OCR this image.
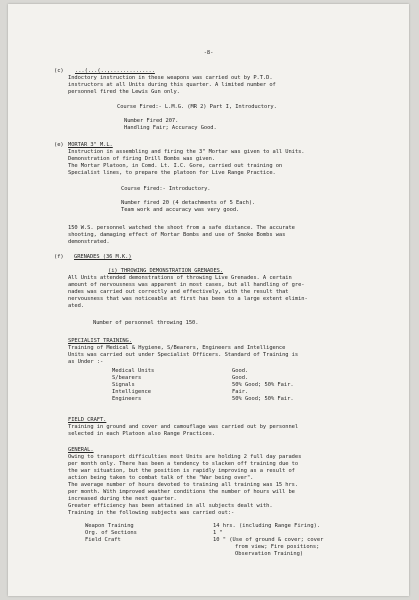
-8-
(c) ...(...(..,..............
Indoctory instruction in these weapons was carried out by P.T.D.
instructors at all Units during this quarter. A limited number of
personnel fired the Lewis Gun only.
Course Fired:- L.M.G. (MR 2) Part I, Introductory.
Number Fired 207.
Handling Fair; Accuracy Good.
(e) MORTAR 3" M.L.
Instruction in assembling and firing the 3" Mortar was given to all Units.
Demonstration of firing Drill Bombs was given.
The Mortar Platoon, in Comd. Lt. I.C. Gore, carried out training on
Specialist lines, to prepare the platoon for Live Range Practice.
Course Fired:- Introductory.
Number fired 20 (4 detachments of 5 Each).
Team work and accuracy was very good.
150 W.S. personnel watched the shoot from a safe distance. The accurate
shooting, damaging effect of Mortar Bombs and use of Smoke Bombs was
demonstrated.
(f) GRENADES (36 M.K.)
(i) THROWING DEMONSTRATION GRENADES.
All Units attended demonstrations of throwing Live Grenades. A certain
amount of nervousness was apparent in most cases, but all handling of gre-
nades was carried out correctly and effectively, with the result that
nervousness that was noticeable at first has been to a large extent elimin-
ated.
Number of personnel throwing 150.
SPECIALIST TRAINING.
Training of Medical & Hygiene, S/Bearers, Engineers and Intelligence
Units was carried out under Specialist Officers. Standard of Training is
as Under :-
Medical Units	Good.
S/bearers	Good.
Signals	50% Good; 50% Fair.
Intelligence	Fair.
Engineers	50% Good; 50% Fair.
FIELD CRAFT.
Training in ground and cover and camouflage was carried out by personnel
selected in each Platoon also Range Practices.
GENERAL.
Owing to transport difficulties most Units are holding 2 full day parades
per month only. There has been a tendency to slacken off training due to
the war situation, but the position is rapidly improving as a result of
action being taken to combat talk of the "War being over".
The average number of hours devoted to training all training was 15 hrs.
per month. With improved weather conditions the number of hours will be
increased during the next quarter.
Greater efficiency has been attained in all subjects dealt with.
Training in the following subjects was carried out:-
Weapon Training	14 hrs. (including Range Firing).
Org. of Sections	1 "
Field Craft	10 " (Use of ground & cover; cover
from view; Fire positions;
Observation Training)
